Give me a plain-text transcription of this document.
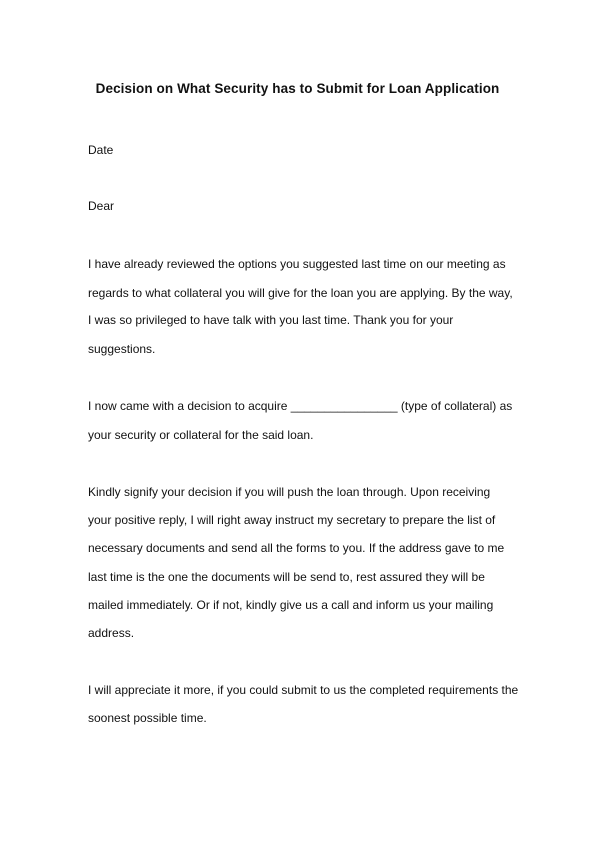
Decision on What Security has to Submit for Loan Application
Date
Dear
I have already reviewed the options you suggested last time on our meeting as
regards to what collateral you will give for the loan you are applying. By the way,
I was so privileged to have talk with you last time. Thank you for your
suggestions.
I now came with a decision to acquire ________________ (type of collateral) as
your security or collateral for the said loan.
Kindly signify your decision if you will push the loan through. Upon receiving
your positive reply, I will right away instruct my secretary to prepare the list of
necessary documents and send all the forms to you. If the address gave to me
last time is the one the documents will be send to, rest assured they will be
mailed immediately. Or if not, kindly give us a call and inform us your mailing
address.
I will appreciate it more, if you could submit to us the completed requirements the
soonest possible time.
